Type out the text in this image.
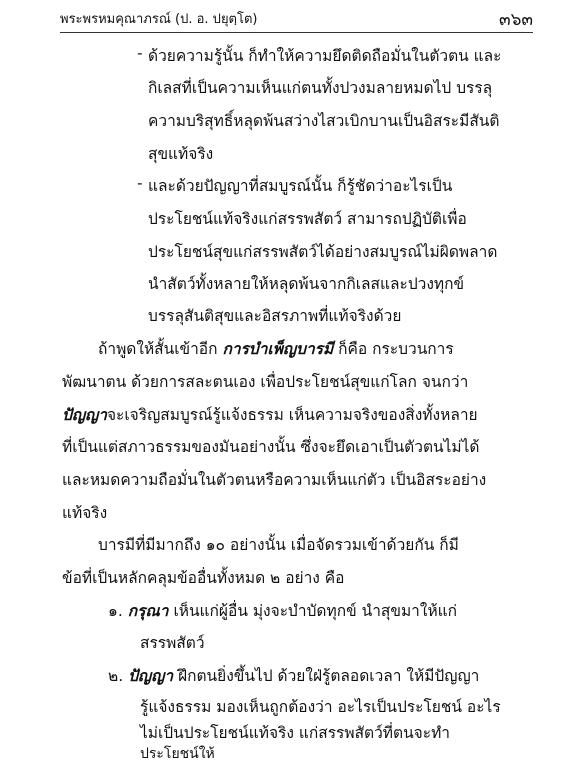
พระพรหมคุณาภรณ์ (ป. อ. ปยุตฺโต)	๓๖๓
- ด้วยความรู้นั้น ก็ทำให้ความยึดติดถือมั่นในตัวตน และ
กิเลสที่เป็นความเห็นแก่ตนทั้งปวงมลายหมดไป บรรลุ
ความบริสุทธิ์หลุดพ้นสว่างไสวเบิกบานเป็นอิสระมีสันติ
สุขแท้จริง
- และด้วยปัญญาที่สมบูรณ์นั้น ก็รู้ชัดว่าอะไรเป็น
ประโยชน์แท้จริงแก่สรรพสัตว์ สามารถปฏิบัติเพื่อ
ประโยชน์สุขแก่สรรพสัตว์ได้อย่างสมบูรณ์ไม่ผิดพลาด
นำสัตว์ทั้งหลายให้หลุดพ้นจากกิเลสและปวงทุกข์
บรรลุสันติสุขและอิสรภาพที่แท้จริงด้วย
ถ้าพูดให้สั้นเข้าอีก การบำเพ็ญบารมี ก็คือ กระบวนการ
พัฒนาตน ด้วยการสละตนเอง เพื่อประโยชน์สุขแก่โลก จนกว่า
ปัญญาจะเจริญสมบูรณ์รู้แจ้งธรรม เห็นความจริงของสิ่งทั้งหลาย
ที่เป็นแต่สภาวธรรมของมันอย่างนั้น ซึ่งจะยึดเอาเป็นตัวตนไม่ได้
และหมดความถือมั่นในตัวตนหรือความเห็นแก่ตัว เป็นอิสระอย่าง
แท้จริง
บารมีที่มีมากถึง ๑๐ อย่างนั้น เมื่อจัดรวมเข้าด้วยกัน ก็มี
ข้อที่เป็นหลักคลุมข้ออื่นทั้งหมด ๒ อย่าง คือ
๑. กรุณา เห็นแก่ผู้อื่น มุ่งจะบำบัดทุกข์ นำสุขมาให้แก่
สรรพสัตว์
๒. ปัญญา ฝึกตนยิ่งขึ้นไป ด้วยใฝ่รู้ตลอดเวลา ให้มีปัญญา
รู้แจ้งธรรม มองเห็นถูกต้องว่า อะไรเป็นประโยชน์ อะไร
ไม่เป็นประโยชน์แท้จริง แก่สรรพสัตว์ที่ตนจะทำ
ประโยชน์ให้
